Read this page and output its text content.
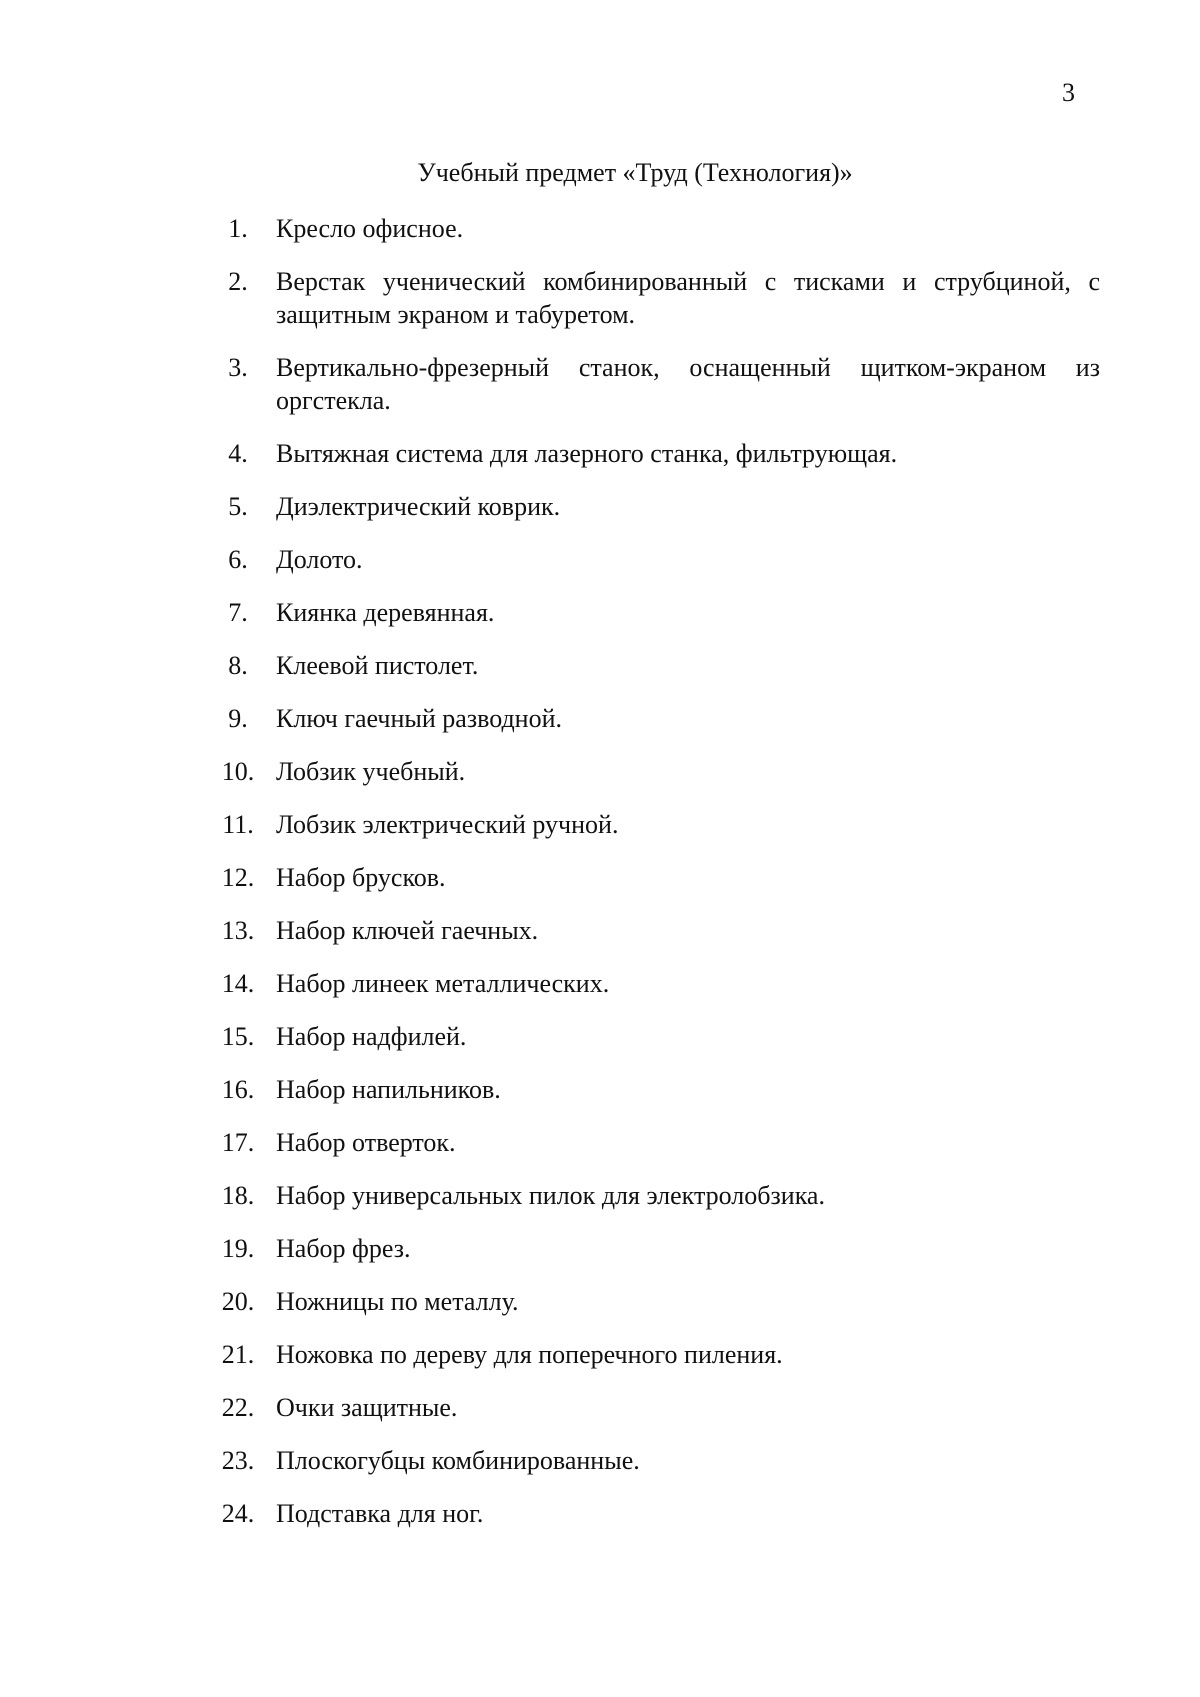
3
Учебный предмет «Труд (Технология)»
1.	Кресло офисное.
2.	Верстак ученический комбинированный с тисками и струбциной, с защитным экраном и табуретом.
3.	Вертикально-фрезерный станок, оснащенный щитком-экраном из оргстекла.
4.	Вытяжная система для лазерного станка, фильтрующая.
5.	Диэлектрический коврик.
6.	Долото.
7.	Киянка деревянная.
8.	Клеевой пистолет.
9.	Ключ гаечный разводной.
10. Лобзик учебный.
11. Лобзик электрический ручной.
12. Набор брусков.
13. Набор ключей гаечных.
14. Набор линеек металлических.
15. Набор надфилей.
16. Набор напильников.
17. Набор отверток.
18. Набор универсальных пилок для электролобзика.
19. Набор фрез.
20. Ножницы по металлу.
21. Ножовка по дереву для поперечного пиления.
22. Очки защитные.
23. Плоскогубцы комбинированные.
24. Подставка для ног.
